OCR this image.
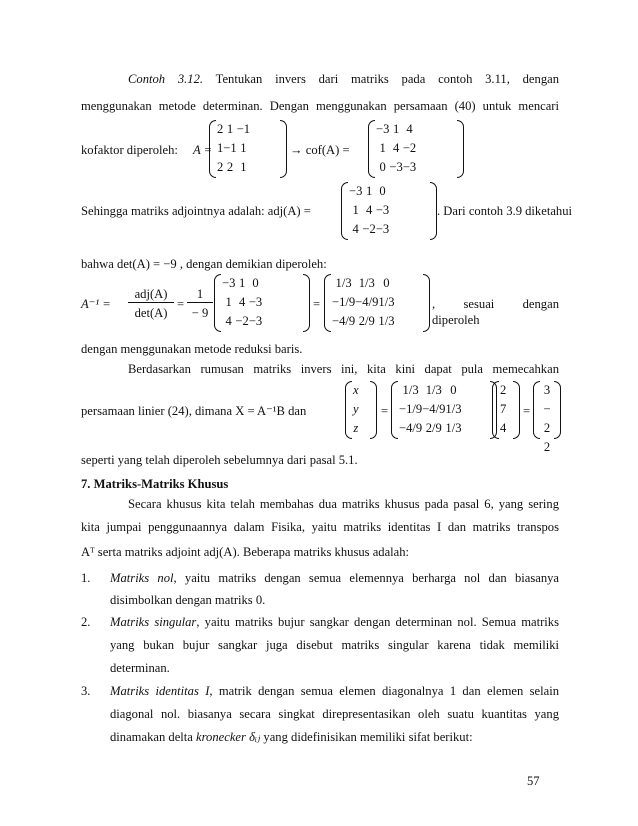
Contoh 3.12. Tentukan invers dari matriks pada contoh 3.11, dengan
menggunakan metode determinan. Dengan menggunakan persamaan (40) untuk mencari
kofaktor diperoleh: A =
2	1	−1
1	−1	1
2	2	1
→ cof(A) =
−3	1	4
1	4	−2
0	−3	−3
Sehingga matriks adjointnya adalah: adj(A) =
−3	1	0
1	4	−3
4	−2	−3
. Dari contoh 3.9 diketahui
bahwa det(A) = −9 , dengan demikian diperoleh:
A⁻¹ =
adj(A)
det(A)
=
1
− 9
−3	1	0
1	4	−3
4	−2	−3
=
1/3	1/3	0
−1/9	−4/9	1/3
−4/9	2/9	1/3
, sesuai dengan diperoleh
dengan menggunakan metode reduksi baris.
Berdasarkan rumusan matriks invers ini, kita kini dapat pula memecahkan
persamaan linier (24), dimana X = A⁻¹B dan
x
y
z
=
1/3	1/3	0
−1/9	−4/9	1/3
−4/9	2/9	1/3
2
7
4
=
3
− 2
2
seperti yang telah diperoleh sebelumnya dari pasal 5.1.
7. Matriks-Matriks Khusus
Secara khusus kita telah membahas dua matriks khusus pada pasal 6, yang sering
kita jumpai penggunaannya dalam Fisika, yaitu matriks identitas I dan matriks transpos
Aᵀ serta matriks adjoint adj(A). Beberapa matriks khusus adalah:
1. Matriks nol, yaitu matriks dengan semua elemennya berharga nol dan biasanya
disimbolkan dengan matriks 0.
2. Matriks singular, yaitu matriks bujur sangkar dengan determinan nol. Semua matriks
yang bukan bujur sangkar juga disebut matriks singular karena tidak memiliki
determinan.
3. Matriks identitas I, matrik dengan semua elemen diagonalnya 1 dan elemen selain
diagonal nol. biasanya secara singkat direpresentasikan oleh suatu kuantitas yang
dinamakan delta kronecker δᵢⱼ yang didefinisikan memiliki sifat berikut:
57
